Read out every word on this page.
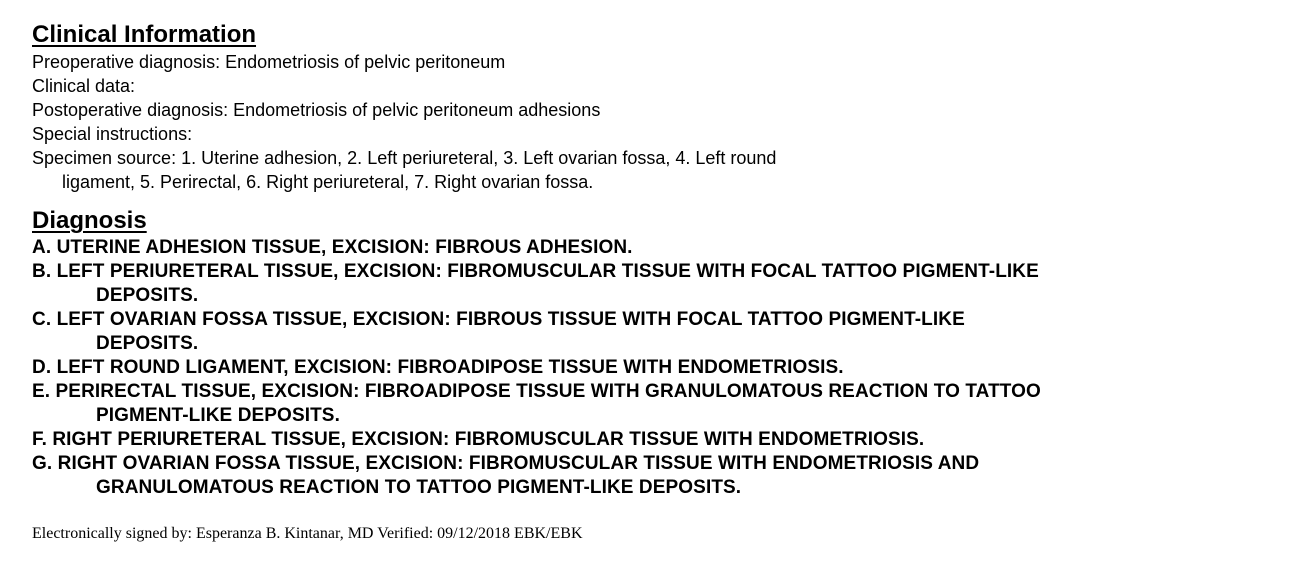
Clinical Information

Preoperative diagnosis: Endometriosis of pelvic peritoneum

Clinical data:

Postoperative diagnosis: Endometriosis of pelvic peritoneum adhesions

Special instructions:

Specimen source: 1. Uterine adhesion, 2. Left periureteral, 3. Left ovarian fossa, 4. Left round

ligament, 5. Perirectal, 6. Right periureteral, 7. Right ovarian fossa.

Diagnosis

A. UTERINE ADHESION TISSUE, EXCISION: FIBROUS ADHESION.

B. LEFT PERIURETERAL TISSUE, EXCISION: FIBROMUSCULAR TISSUE WITH FOCAL TATTOO PIGMENT-LIKE

DEPOSITS.

C. LEFT OVARIAN FOSSA TISSUE, EXCISION: FIBROUS TISSUE WITH FOCAL TATTOO PIGMENT-LIKE

DEPOSITS.

D. LEFT ROUND LIGAMENT, EXCISION: FIBROADIPOSE TISSUE WITH ENDOMETRIOSIS.

E. PERIRECTAL TISSUE, EXCISION: FIBROADIPOSE TISSUE WITH GRANULOMATOUS REACTION TO TATTOO

PIGMENT-LIKE DEPOSITS.

F. RIGHT PERIURETERAL TISSUE, EXCISION: FIBROMUSCULAR TISSUE WITH ENDOMETRIOSIS.

G. RIGHT OVARIAN FOSSA TISSUE, EXCISION: FIBROMUSCULAR TISSUE WITH ENDOMETRIOSIS AND

GRANULOMATOUS REACTION TO TATTOO PIGMENT-LIKE DEPOSITS.

Electronically signed by: Esperanza B. Kintanar, MD Verified: 09/12/2018 EBK/EBK
